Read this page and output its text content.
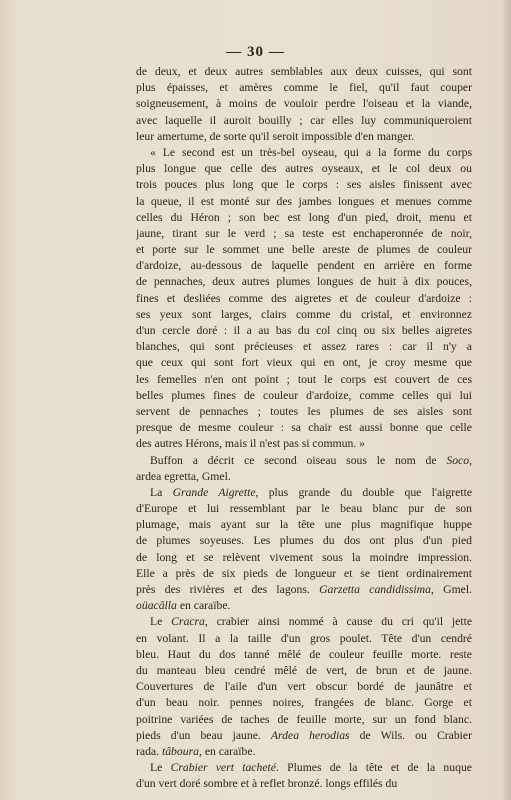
— 30 —
de deux, et deux autres semblables aux deux cuisses, qui sont
plus épaisses, et amères comme le fiel, qu'il faut couper
soigneusement, à moins de vouloir perdre l'oiseau et la viande,
avec laquelle il auroit bouilly ; car elles luy communiqueroient
leur amertume, de sorte qu'il seroit impossible d'en manger.
« Le second est un très-bel oyseau, qui a la forme du corps
plus longue que celle des autres oyseaux, et le col deux ou
trois pouces plus long que le corps : ses aisles finissent avec
la queue, il est monté sur des jambes longues et menues comme
celles du Héron ; son bec est long d'un pied, droit, menu et
jaune, tirant sur le verd ; sa teste est enchaperonnée de noir,
et porte sur le sommet une belle areste de plumes de couleur
d'ardoize, au-dessous de laquelle pendent en arrière en forme
de pennaches, deux autres plumes longues de huit à dix pouces,
fines et desliées comme des aigretes et de couleur d'ardoize :
ses yeux sont larges, clairs comme du cristal, et environnez
d'un cercle doré : il a au bas du col cinq ou six belles aigretes
blanches, qui sont précieuses et assez rares : car il n'y a
que ceux qui sont fort vieux qui en ont, je croy mesme que
les femelles n'en ont point ; tout le corps est couvert de ces
belles plumes fines de couleur d'ardoize, comme celles qui lui
servent de pennaches ; toutes les plumes de ses aisles sont
presque de mesme couleur : sa chair est aussi bonne que celle
des autres Hérons, mais il n'est pas si commun. »
Buffon a décrit ce second oiseau sous le nom de Soco,
ardea egretta, Gmel.
La Grande Aigrette, plus grande du double que l'aigrette
d'Europe et lui ressemblant par le beau blanc pur de son
plumage, mais ayant sur la tête une plus magnifique huppe
de plumes soyeuses. Les plumes du dos ont plus d'un pied
de long et se relèvent vivement sous la moindre impression.
Elle a près de six pieds de longueur et se tient ordinairement
près des rivières et des lagons. Garzetta candidissima, Gmel.
oüacâlla en caraïbe.
Le Cracra, crabier ainsi nommé à cause du cri qu'il jette
en volant. Il a la taille d'un gros poulet. Tête d'un cendré
bleu. Haut du dos tanné mêlé de couleur feuille morte. reste
du manteau bleu cendré mêlé de vert, de brun et de jaune.
Couvertures de l'aile d'un vert obscur bordé de jaunâtre et
d'un beau noir. pennes noires, frangées de blanc. Gorge et
poitrine variées de taches de feuille morte, sur un fond blanc.
pieds d'un beau jaune. Ardea herodias de Wils. ou Crabier
rada. tâboura, en caraïbe.
Le Crabier vert tacheté. Plumes de la tête et de la nuque
d'un vert doré sombre et à reflet bronzé. longs effilés du
